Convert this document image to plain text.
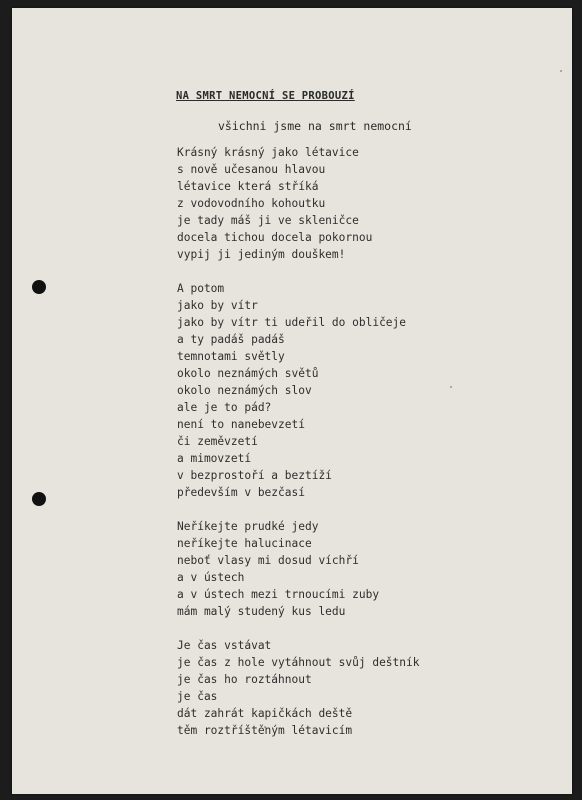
NA SMRT NEMOCNÍ SE PROBOUZÍ
všichni jsme na smrt nemocní
Krásný krásný jako létavice
s nově učesanou hlavou
létavice která stříká
z vodovodního kohoutku
je tady máš ji ve skleničce
docela tichou docela pokornou
vypij ji jediným douškem!
A potom
jako by vítr
jako by vítr ti udeřil do obličeje
a ty padáš padáš
temnotami světly
okolo neznámých světů
okolo neznámých slov
ale je to pád?
není to nanebevzetí
či zeměvzetí
a mimovzetí
v bezprostoří a beztíží
především v bezčasí
Neříkejte prudké jedy
neříkejte halucinace
neboť vlasy mi dosud víchří
a v ústech
a v ústech mezi trnoucími zuby
mám malý studený kus ledu
Je čas vstávat
je čas z hole vytáhnout svůj deštník
je čas ho roztáhnout
je čas
dát zahrát kapičkách deště
těm roztříštěným létavicím
